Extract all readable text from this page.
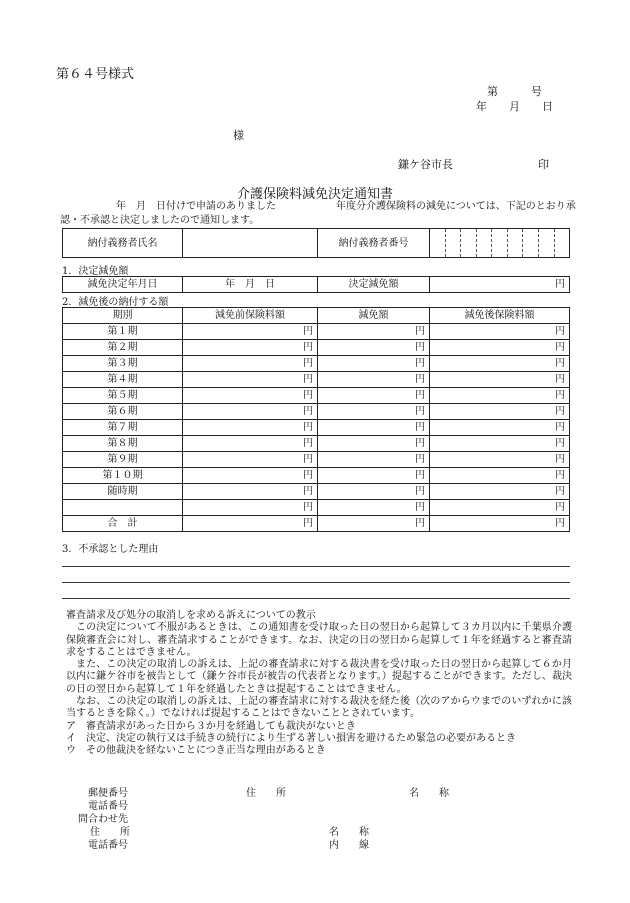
第６４号様式
第　　　号
年　　月　　日
様
鎌ケ谷市長	印
介護保険料減免決定通知書
年　月　日付けで申請のありました	年度分介護保険料の減免については、下記のとおり承
認・不承認と決定しましたので通知します。
納付義務者氏名		納付義務者番号	
1．決定減免額
減免決定年月日	年　月　日	決定減免額	円
2．減免後の納付する額
期別	減免前保険料額	減免額	減免後保険料額
第１期	円	円	円
第２期	円	円	円
第３期	円	円	円
第４期	円	円	円
第５期	円	円	円
第６期	円	円	円
第７期	円	円	円
第８期	円	円	円
第９期	円	円	円
第１０期	円	円	円
随時期	円	円	円
	円	円	円
合　計	円	円	円
3．不承認とした理由

審査請求及び処分の取消しを求める訴えについての教示

この決定について不服があるときは、この通知書を受け取った日の翌日から起算して３カ月以内に千葉県介護保険審査会に対し、審査請求することができます。なお、決定の日の翌日から起算して１年を経過すると審査請求をすることはできません。

また、この決定の取消しの訴えは、上記の審査請求に対する裁決書を受け取った日の翌日から起算して６か月以内に鎌ケ谷市を被告として（鎌ケ谷市長が被告の代表者となります。）提起することができます。ただし、裁決の日の翌日から起算して１年を経過したときは提起することはできません。

なお、この決定の取消しの訴えは、上記の審査請求に対する裁決を経た後（次のアからウまでのいずれかに該当するときを除く。）でなければ提起することはできないこととされています。

ア　審査請求があった日から３か月を経過しても裁決がないとき

イ　決定、決定の執行又は手続きの続行により生ずる著しい損害を避けるため緊急の必要があるとき

ウ　その他裁決を経ないことにつき正当な理由があるとき

郵便番号	住　　所	名　　称
電話番号
問合わせ先
住　　所	名　　称
電話番号	内　　線
